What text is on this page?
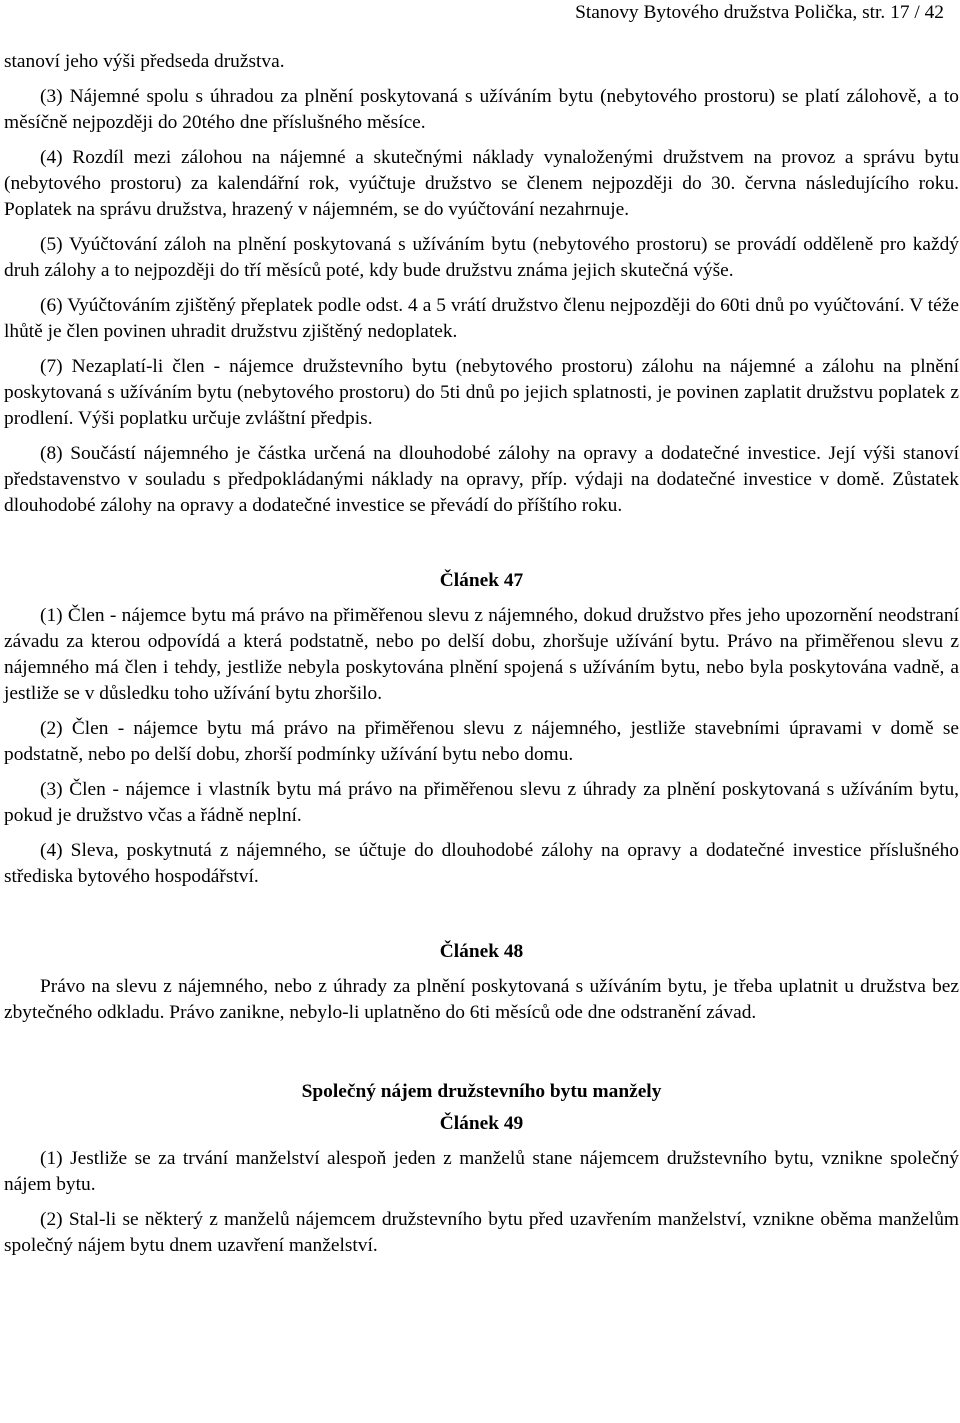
Stanovy Bytového družstva Polička, str. 17 / 42

stanoví jeho výši předseda družstva.

(3) Nájemné spolu s úhradou za plnění poskytovaná s užíváním bytu (nebytového prostoru) se platí zálohově, a to měsíčně nejpozději do 20tého dne příslušného měsíce.

(4) Rozdíl mezi zálohou na nájemné a skutečnými náklady vynaloženými družstvem na provoz a správu bytu (nebytového prostoru) za kalendářní rok, vyúčtuje družstvo se členem nejpozději do 30. června následujícího roku. Poplatek na správu družstva, hrazený v nájemném, se do vyúčtování nezahrnuje.

(5) Vyúčtování záloh na plnění poskytovaná s užíváním bytu (nebytového prostoru) se provádí odděleně pro každý druh zálohy a to nejpozději do tří měsíců poté, kdy bude družstvu známa jejich skutečná výše.

(6) Vyúčtováním zjištěný přeplatek podle odst. 4 a 5 vrátí družstvo členu nejpozději do 60ti dnů po vyúčtování. V téže lhůtě je člen povinen uhradit družstvu zjištěný nedoplatek.

(7) Nezaplatí-li člen - nájemce družstevního bytu (nebytového prostoru) zálohu na nájemné a zálohu na plnění poskytovaná s užíváním bytu (nebytového prostoru) do 5ti dnů po jejich splatnosti, je povinen zaplatit družstvu poplatek z prodlení. Výši poplatku určuje zvláštní předpis.

(8) Součástí nájemného je částka určená na dlouhodobé zálohy na opravy a dodatečné investice. Její výši stanoví představenstvo v souladu s předpokládanými náklady na opravy, příp. výdaji na dodatečné investice v domě. Zůstatek dlouhodobé zálohy na opravy a dodatečné investice se převádí do příštího roku.

Článek 47

(1) Člen - nájemce bytu má právo na přiměřenou slevu z nájemného, dokud družstvo přes jeho upozornění neodstraní závadu za kterou odpovídá a která podstatně, nebo po delší dobu, zhoršuje užívání bytu. Právo na přiměřenou slevu z nájemného má člen i tehdy, jestliže nebyla poskytována plnění spojená s užíváním bytu, nebo byla poskytována vadně, a jestliže se v důsledku toho užívání bytu zhoršilo.

(2) Člen - nájemce bytu má právo na přiměřenou slevu z nájemného, jestliže stavebními úpravami v domě se podstatně, nebo po delší dobu, zhorší podmínky užívání bytu nebo domu.

(3) Člen - nájemce i vlastník bytu má právo na přiměřenou slevu z úhrady za plnění poskytovaná s užíváním bytu, pokud je družstvo včas a řádně neplní.

(4) Sleva, poskytnutá z nájemného, se účtuje do dlouhodobé zálohy na opravy a dodatečné investice příslušného střediska bytového hospodářství.

Článek 48

Právo na slevu z nájemného, nebo z úhrady za plnění poskytovaná s užíváním bytu, je třeba uplatnit u družstva bez zbytečného odkladu. Právo zanikne, nebylo-li uplatněno do 6ti měsíců ode dne odstranění závad.

Společný nájem družstevního bytu manžely
Článek 49

(1) Jestliže se za trvání manželství alespoň jeden z manželů stane nájemcem družstevního bytu, vznikne společný nájem bytu.

(2) Stal-li se některý z manželů nájemcem družstevního bytu před uzavřením manželství, vznikne oběma manželům společný nájem bytu dnem uzavření manželství.
